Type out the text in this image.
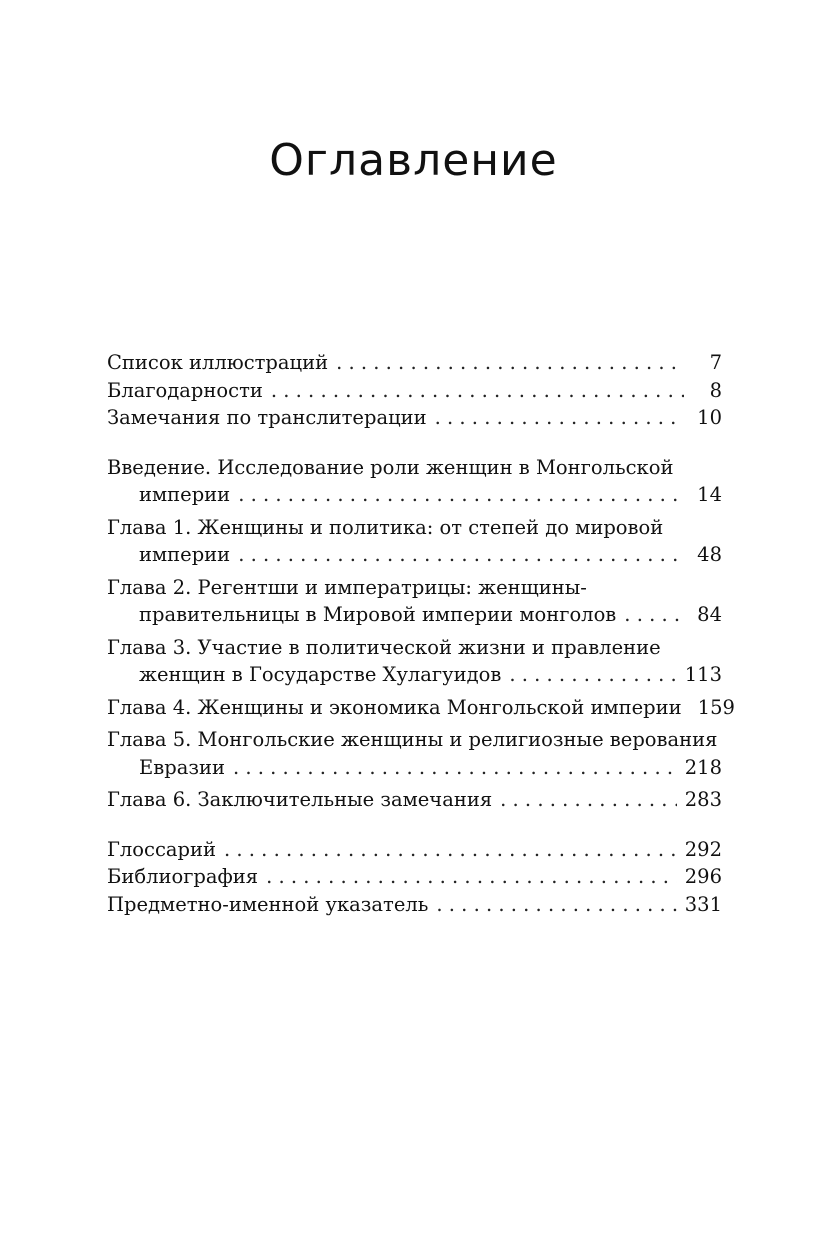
Оглавление
Список иллюстраций . . .	7
Благодарности . . .	8
Замечания по транслитерации . . .	10
Введение. Исследование роли женщин в Монгольской
империи . . .	14
Глава 1. Женщины и политика: от степей до мировой
империи . . .	48
Глава 2. Регентши и императрицы: женщины-
правительницы в Мировой империи монголов . . .	84
Глава 3. Участие в политической жизни и правление
женщин в Государстве Хулагуидов . . .	113
Глава 4. Женщины и экономика Монгольской империи 159
Глава 5. Монгольские женщины и религиозные верования
Евразии . . .	218
Глава 6. Заключительные замечания . . .	283
Глоссарий . . .	292
Библиография . . .	296
Предметно-именной указатель . . .	331
